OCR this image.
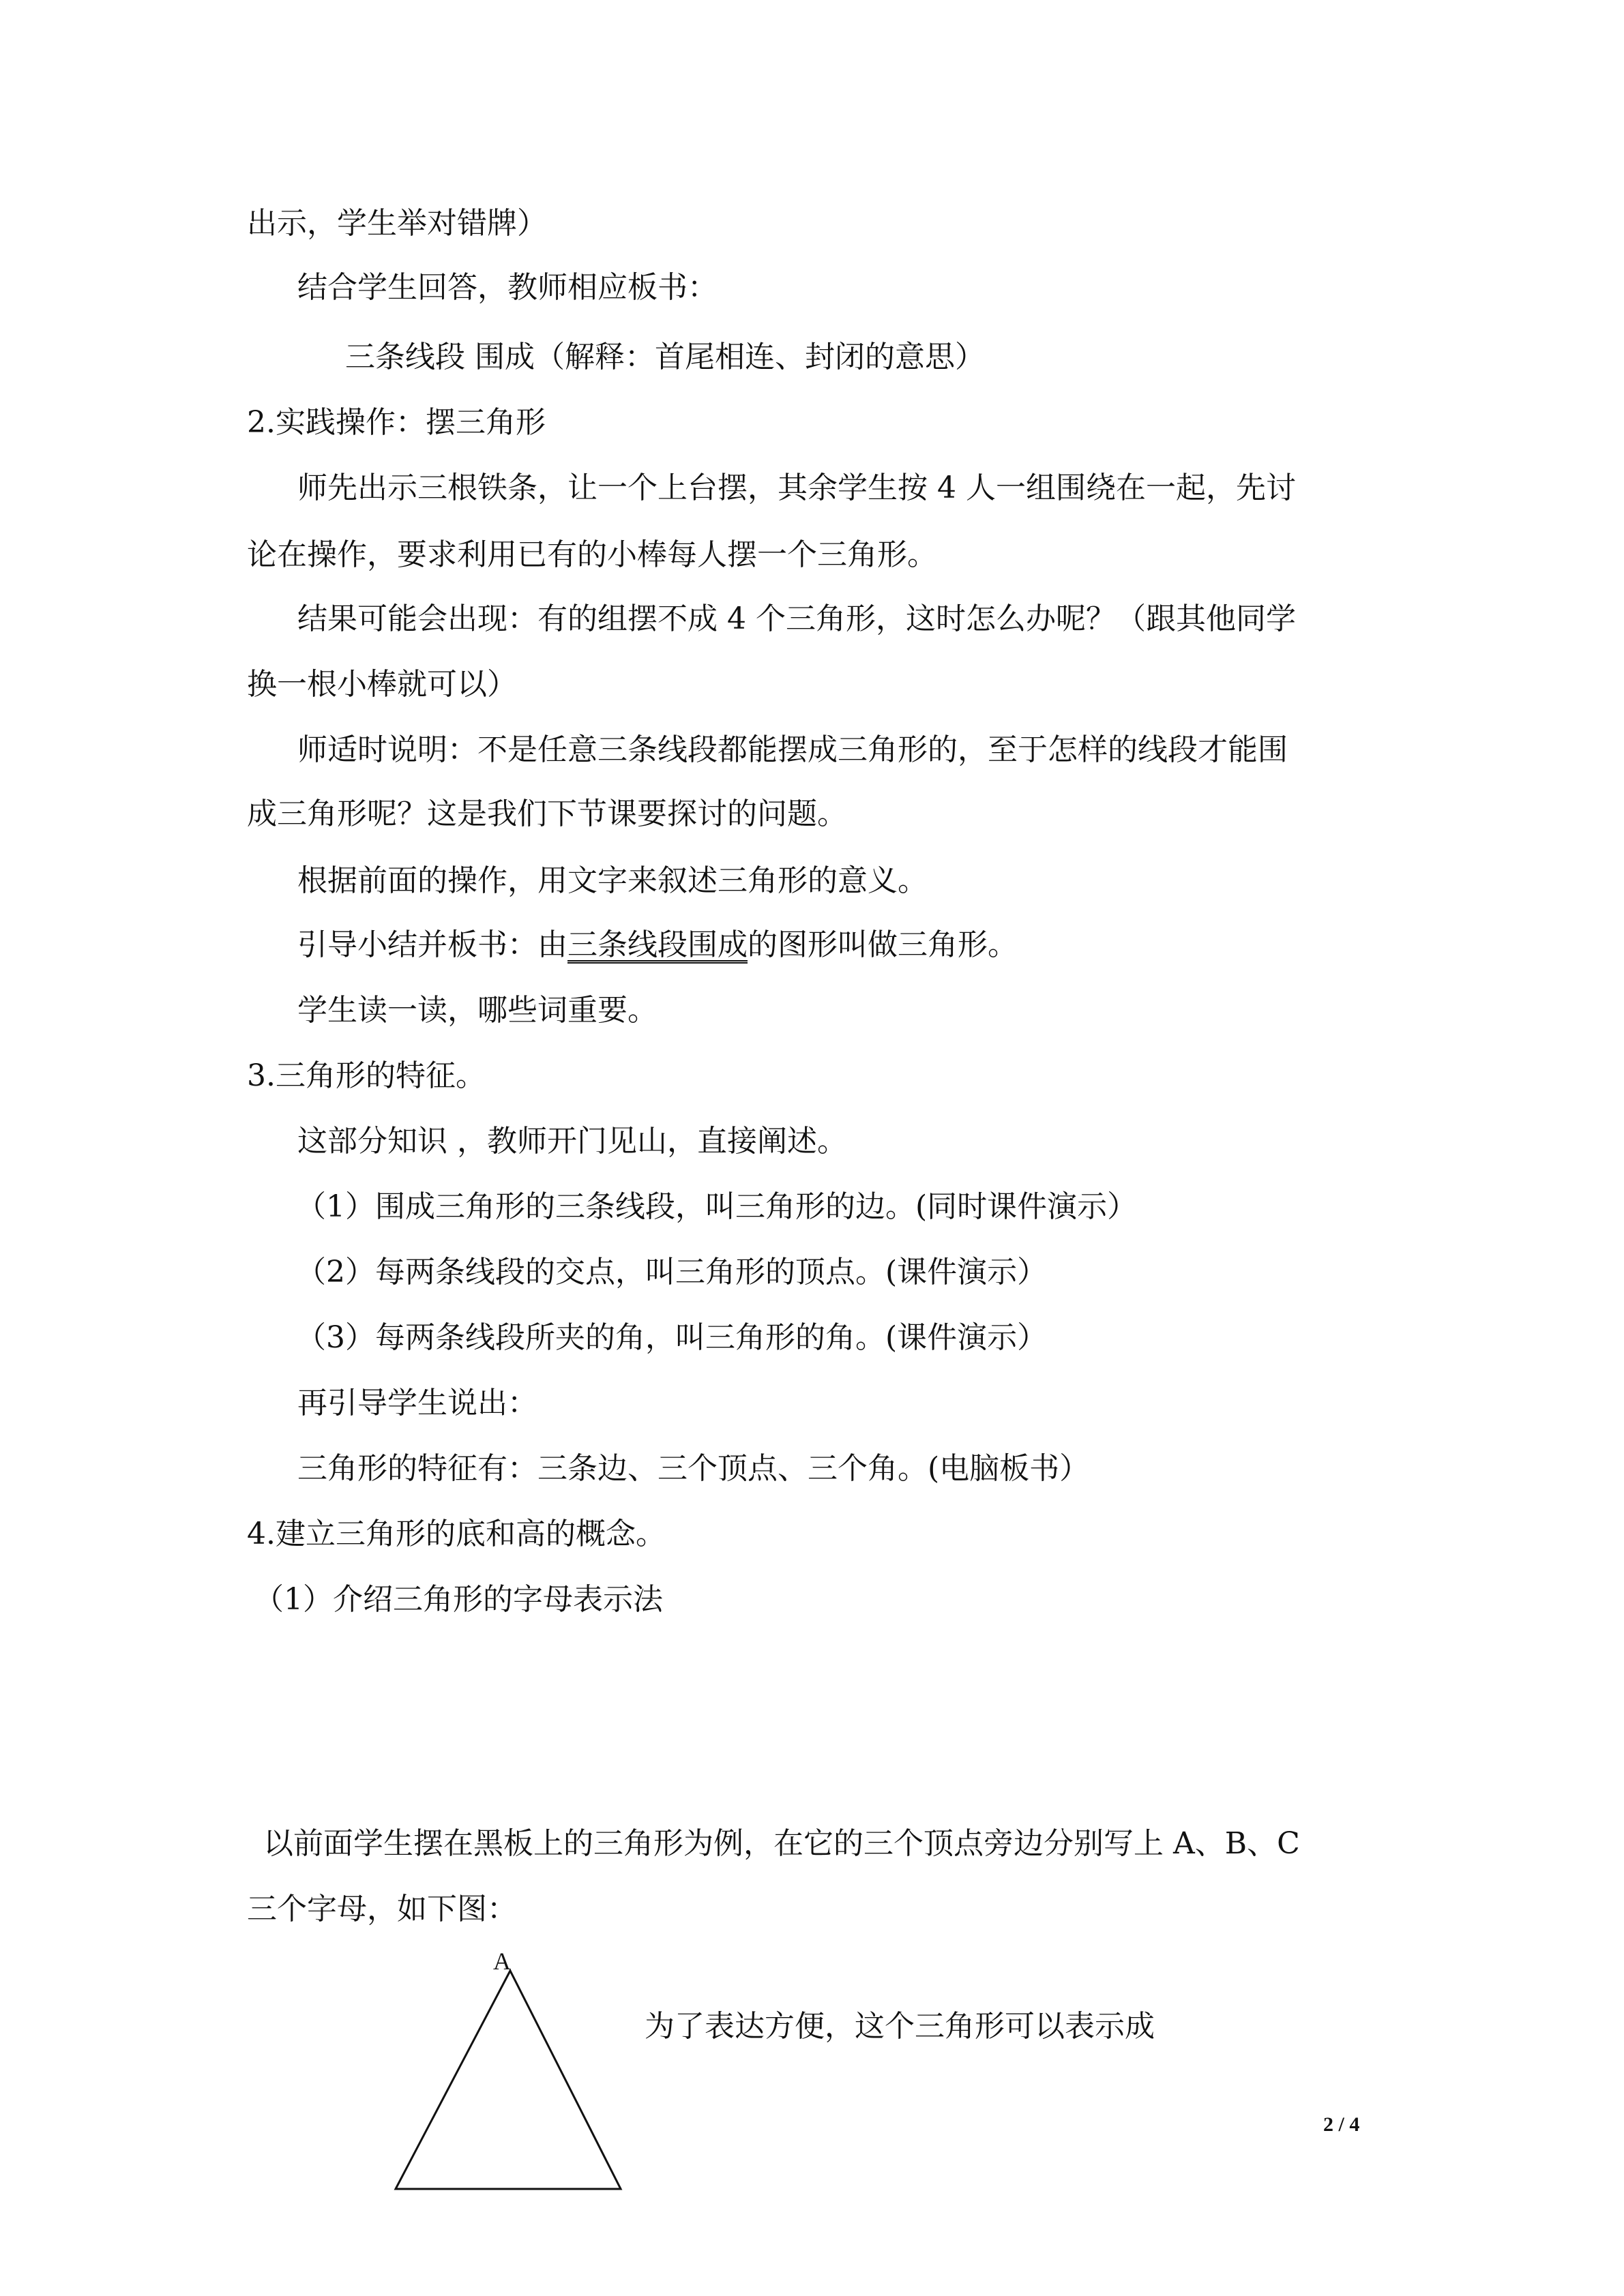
出示，学生举对错牌）
结合学生回答，教师相应板书：
三条线段 围成（解释：首尾相连、封闭的意思）
2.实践操作：摆三角形
师先出示三根铁条，让一个上台摆，其余学生按 4 人一组围绕在一起，先讨
论在操作，要求利用已有的小棒每人摆一个三角形。
结果可能会出现：有的组摆不成 4 个三角形，这时怎么办呢？（跟其他同学
换一根小棒就可以）
师适时说明：不是任意三条线段都能摆成三角形的，至于怎样的线段才能围
成三角形呢？这是我们下节课要探讨的问题。
根据前面的操作，用文字来叙述三角形的意义。
引导小结并板书：由三条线段围成的图形叫做三角形。
学生读一读，哪些词重要。
3.三角形的特征。
这部分知识 ，教师开门见山，直接阐述。
（1）围成三角形的三条线段，叫三角形的边。(同时课件演示）
（2）每两条线段的交点，叫三角形的顶点。(课件演示）
（3）每两条线段所夹的角，叫三角形的角。(课件演示）
再引导学生说出：
三角形的特征有：三条边、三个顶点、三个角。(电脑板书）
4.建立三角形的底和高的概念。
（1）介绍三角形的字母表示法
以前面学生摆在黑板上的三角形为例，在它的三个顶点旁边分别写上 A、B、C
三个字母，如下图：
A
为了表达方便，这个三角形可以表示成
2 / 4
